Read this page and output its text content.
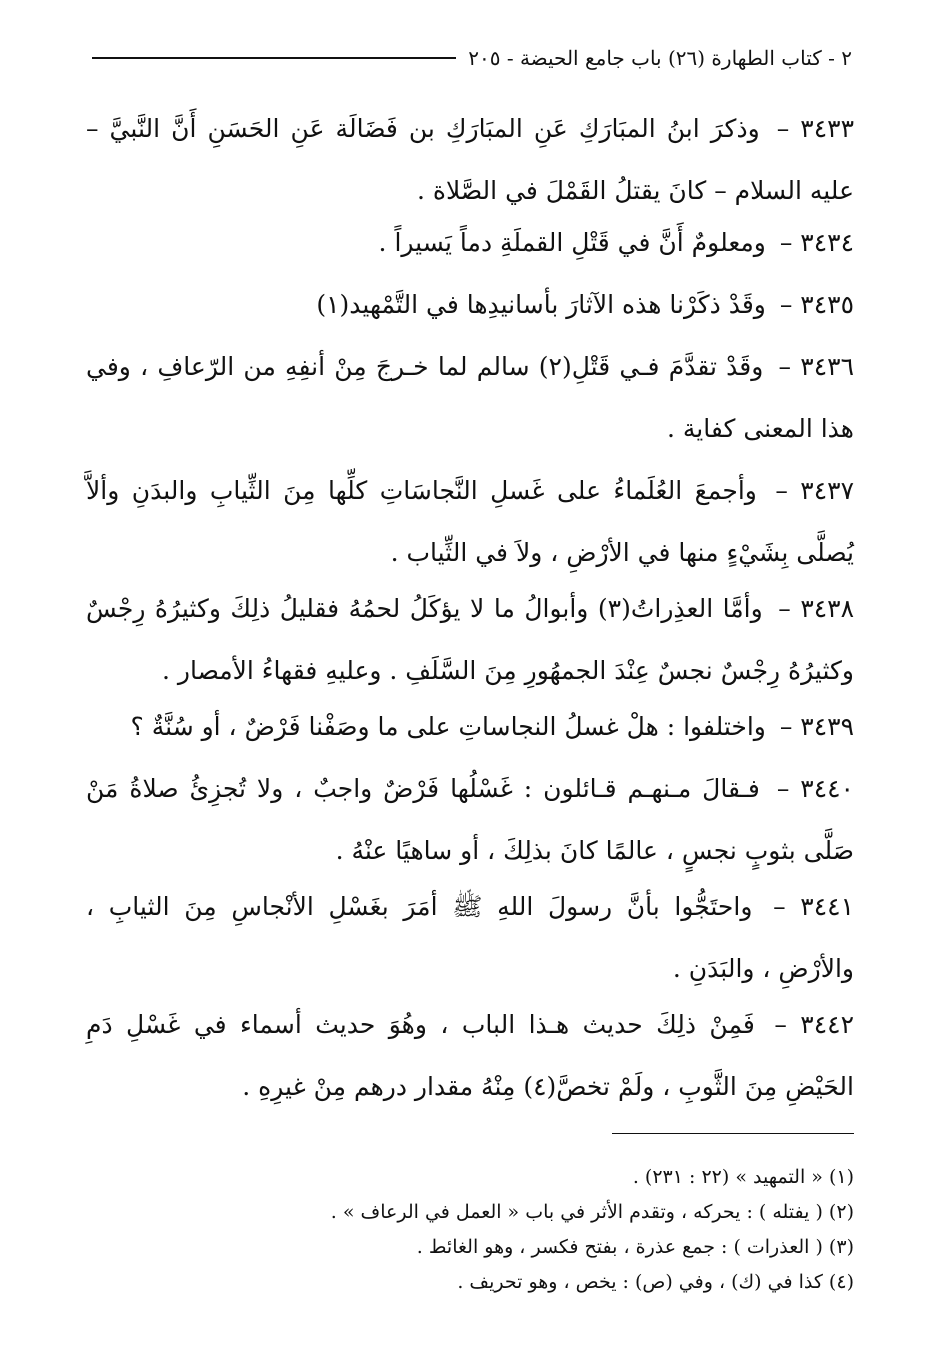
٢ - كتاب الطهارة (٢٦) باب جامع الحيضة - ٢٠٥
٣٤٣٣ – وذكرَ ابنُ المبَارَكِ عَنِ المبَارَكِ بن فَضَالَة عَنِ الحَسَنِ أَنَّ النَّبيَّ – عليه السلام – كانَ يقتلُ القَمْلَ في الصَّلاة .
٣٤٣٤ – ومعلومٌ أَنَّ في قَتْلِ القملَةِ دماً يَسيراً .
٣٤٣٥ – وقَدْ ذكَرْنا هذه الآثارَ بأسانيدِها في التَّمْهيد(١)
٣٤٣٦ – وقَدْ تقدَّمَ فـي قَتْلِ(٢) سالم لما خـرجَ مِنْ أنفِهِ من الرّعافِ ، وفي هذا المعنى كفاية .
٣٤٣٧ – وأجمعَ العُلَماءُ على غَسلِ النَّجاسَاتِ كلِّها مِنَ الثِّيابِ والبدَنِ وألاَّ يُصلَّى بِشَيْءٍ منها في الأرْضِ ، ولاَ في الثِّياب .
٣٤٣٨ – وأمَّا العذِراتُ(٣) وأبوالُ ما لا يؤكَلُ لحمُهُ فقليلُ ذلِكَ وكثيرُهُ رِجْسٌ وكثيرُهُ رِجْسٌ نجسٌ عِنْدَ الجمهُورِ مِنَ السَّلَفِ . وعليهِ فقهاءُ الأمصار .
٣٤٣٩ – واختلفوا : هلْ غسلُ النجاساتِ على ما وصَفْنا فَرْضٌ ، أو سُنَّةٌ ؟
٣٤٤٠ – فـقالَ مـنهـم قـائلون : غَسْلُها فَرْضٌ واجبٌ ، ولا تُجزِئُ صلاةُ مَنْ صَلَّى بثوبٍ نجسٍ ، عالمًا كانَ بذلِكَ ، أو ساهيًا عنْهُ .
٣٤٤١ – واحتَجُّوا بأنَّ رسولَ اللهِ ﷺ أمَرَ بغَسْلِ الأنْجاسِ مِنَ الثيابِ ، والأرْضِ ، والبَدَنِ .
٣٤٤٢ – فَمِنْ ذلِكَ حديث هـذا الباب ، وهُوَ حديث أسماء في غَسْلِ دَمِ الحَيْضِ مِنَ الثَّوبِ ، ولَمْ تخصَّ(٤) مِنْهُ مقدار درهم مِنْ غيرِهِ .
(١) « التمهيد » (٢٢ : ٢٣١) .
(٢) ( يفتله ) : يحركه ، وتقدم الأثر في باب « العمل في الرعاف » .
(٣) ( العذرات ) : جمع عذرة ، بفتح فكسر ، وهو الغائط .
(٤) كذا في (ك) ، وفي (ص) : يخص ، وهو تحريف .
